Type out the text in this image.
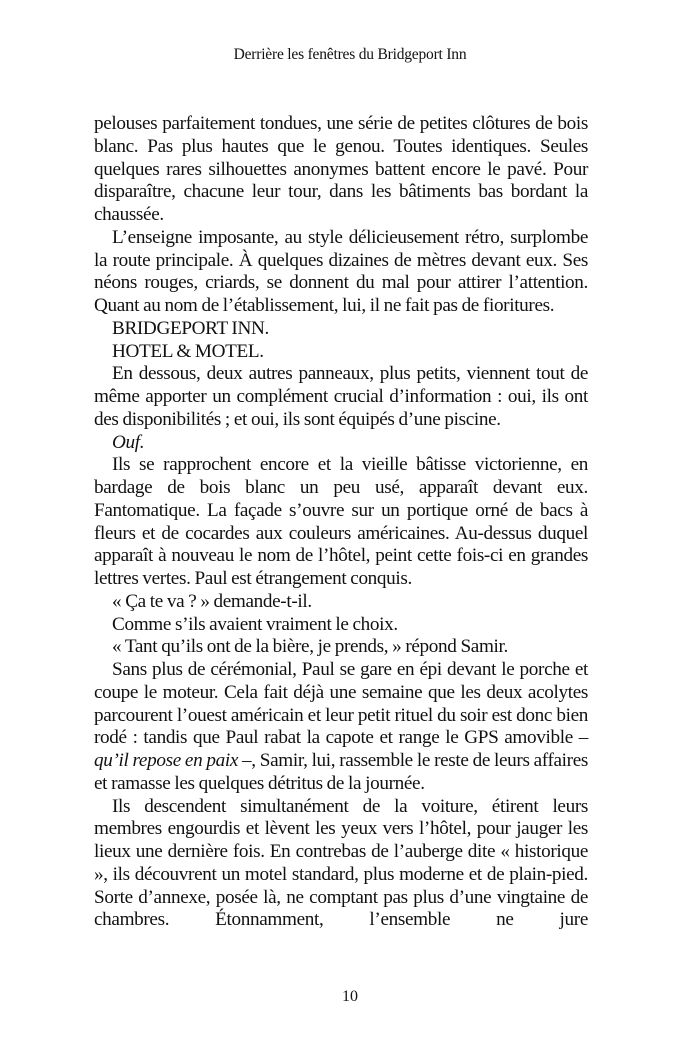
Derrière les fenêtres du Bridgeport Inn

pelouses parfaitement tondues, une série de petites clôtures de bois blanc. Pas plus hautes que le genou. Toutes identiques. Seules quelques rares silhouettes anonymes battent encore le pavé. Pour disparaître, chacune leur tour, dans les bâtiments bas bordant la chaussée.

L’enseigne imposante, au style délicieusement rétro, surplombe la route principale. À quelques dizaines de mètres devant eux. Ses néons rouges, criards, se donnent du mal pour attirer l’attention. Quant au nom de l’établissement, lui, il ne fait pas de fioritures.

BRIDGEPORT INN.

HOTEL & MOTEL.

En dessous, deux autres panneaux, plus petits, viennent tout de même apporter un complément crucial d’information : oui, ils ont des disponibilités ; et oui, ils sont équipés d’une piscine.

Ouf.

Ils se rapprochent encore et la vieille bâtisse victorienne, en bardage de bois blanc un peu usé, apparaît devant eux. Fantomatique. La façade s’ouvre sur un portique orné de bacs à fleurs et de cocardes aux couleurs américaines. Au-dessus duquel apparaît à nouveau le nom de l’hôtel, peint cette fois-ci en grandes lettres vertes. Paul est étrangement conquis.

« Ça te va ? » demande-t-il.

Comme s’ils avaient vraiment le choix.

« Tant qu’ils ont de la bière, je prends, » répond Samir.

Sans plus de cérémonial, Paul se gare en épi devant le porche et coupe le moteur. Cela fait déjà une semaine que les deux acolytes parcourent l’ouest américain et leur petit rituel du soir est donc bien rodé : tandis que Paul rabat la capote et range le GPS amovible – qu’il repose en paix –, Samir, lui, rassemble le reste de leurs affaires et ramasse les quelques détritus de la journée.

Ils descendent simultanément de la voiture, étirent leurs membres engourdis et lèvent les yeux vers l’hôtel, pour jauger les lieux une dernière fois. En contrebas de l’auberge dite « historique », ils découvrent un motel standard, plus moderne et de plain-pied. Sorte d’annexe, posée là, ne comptant pas plus d’une vingtaine de chambres. Étonnamment, l’ensemble ne jure

10
